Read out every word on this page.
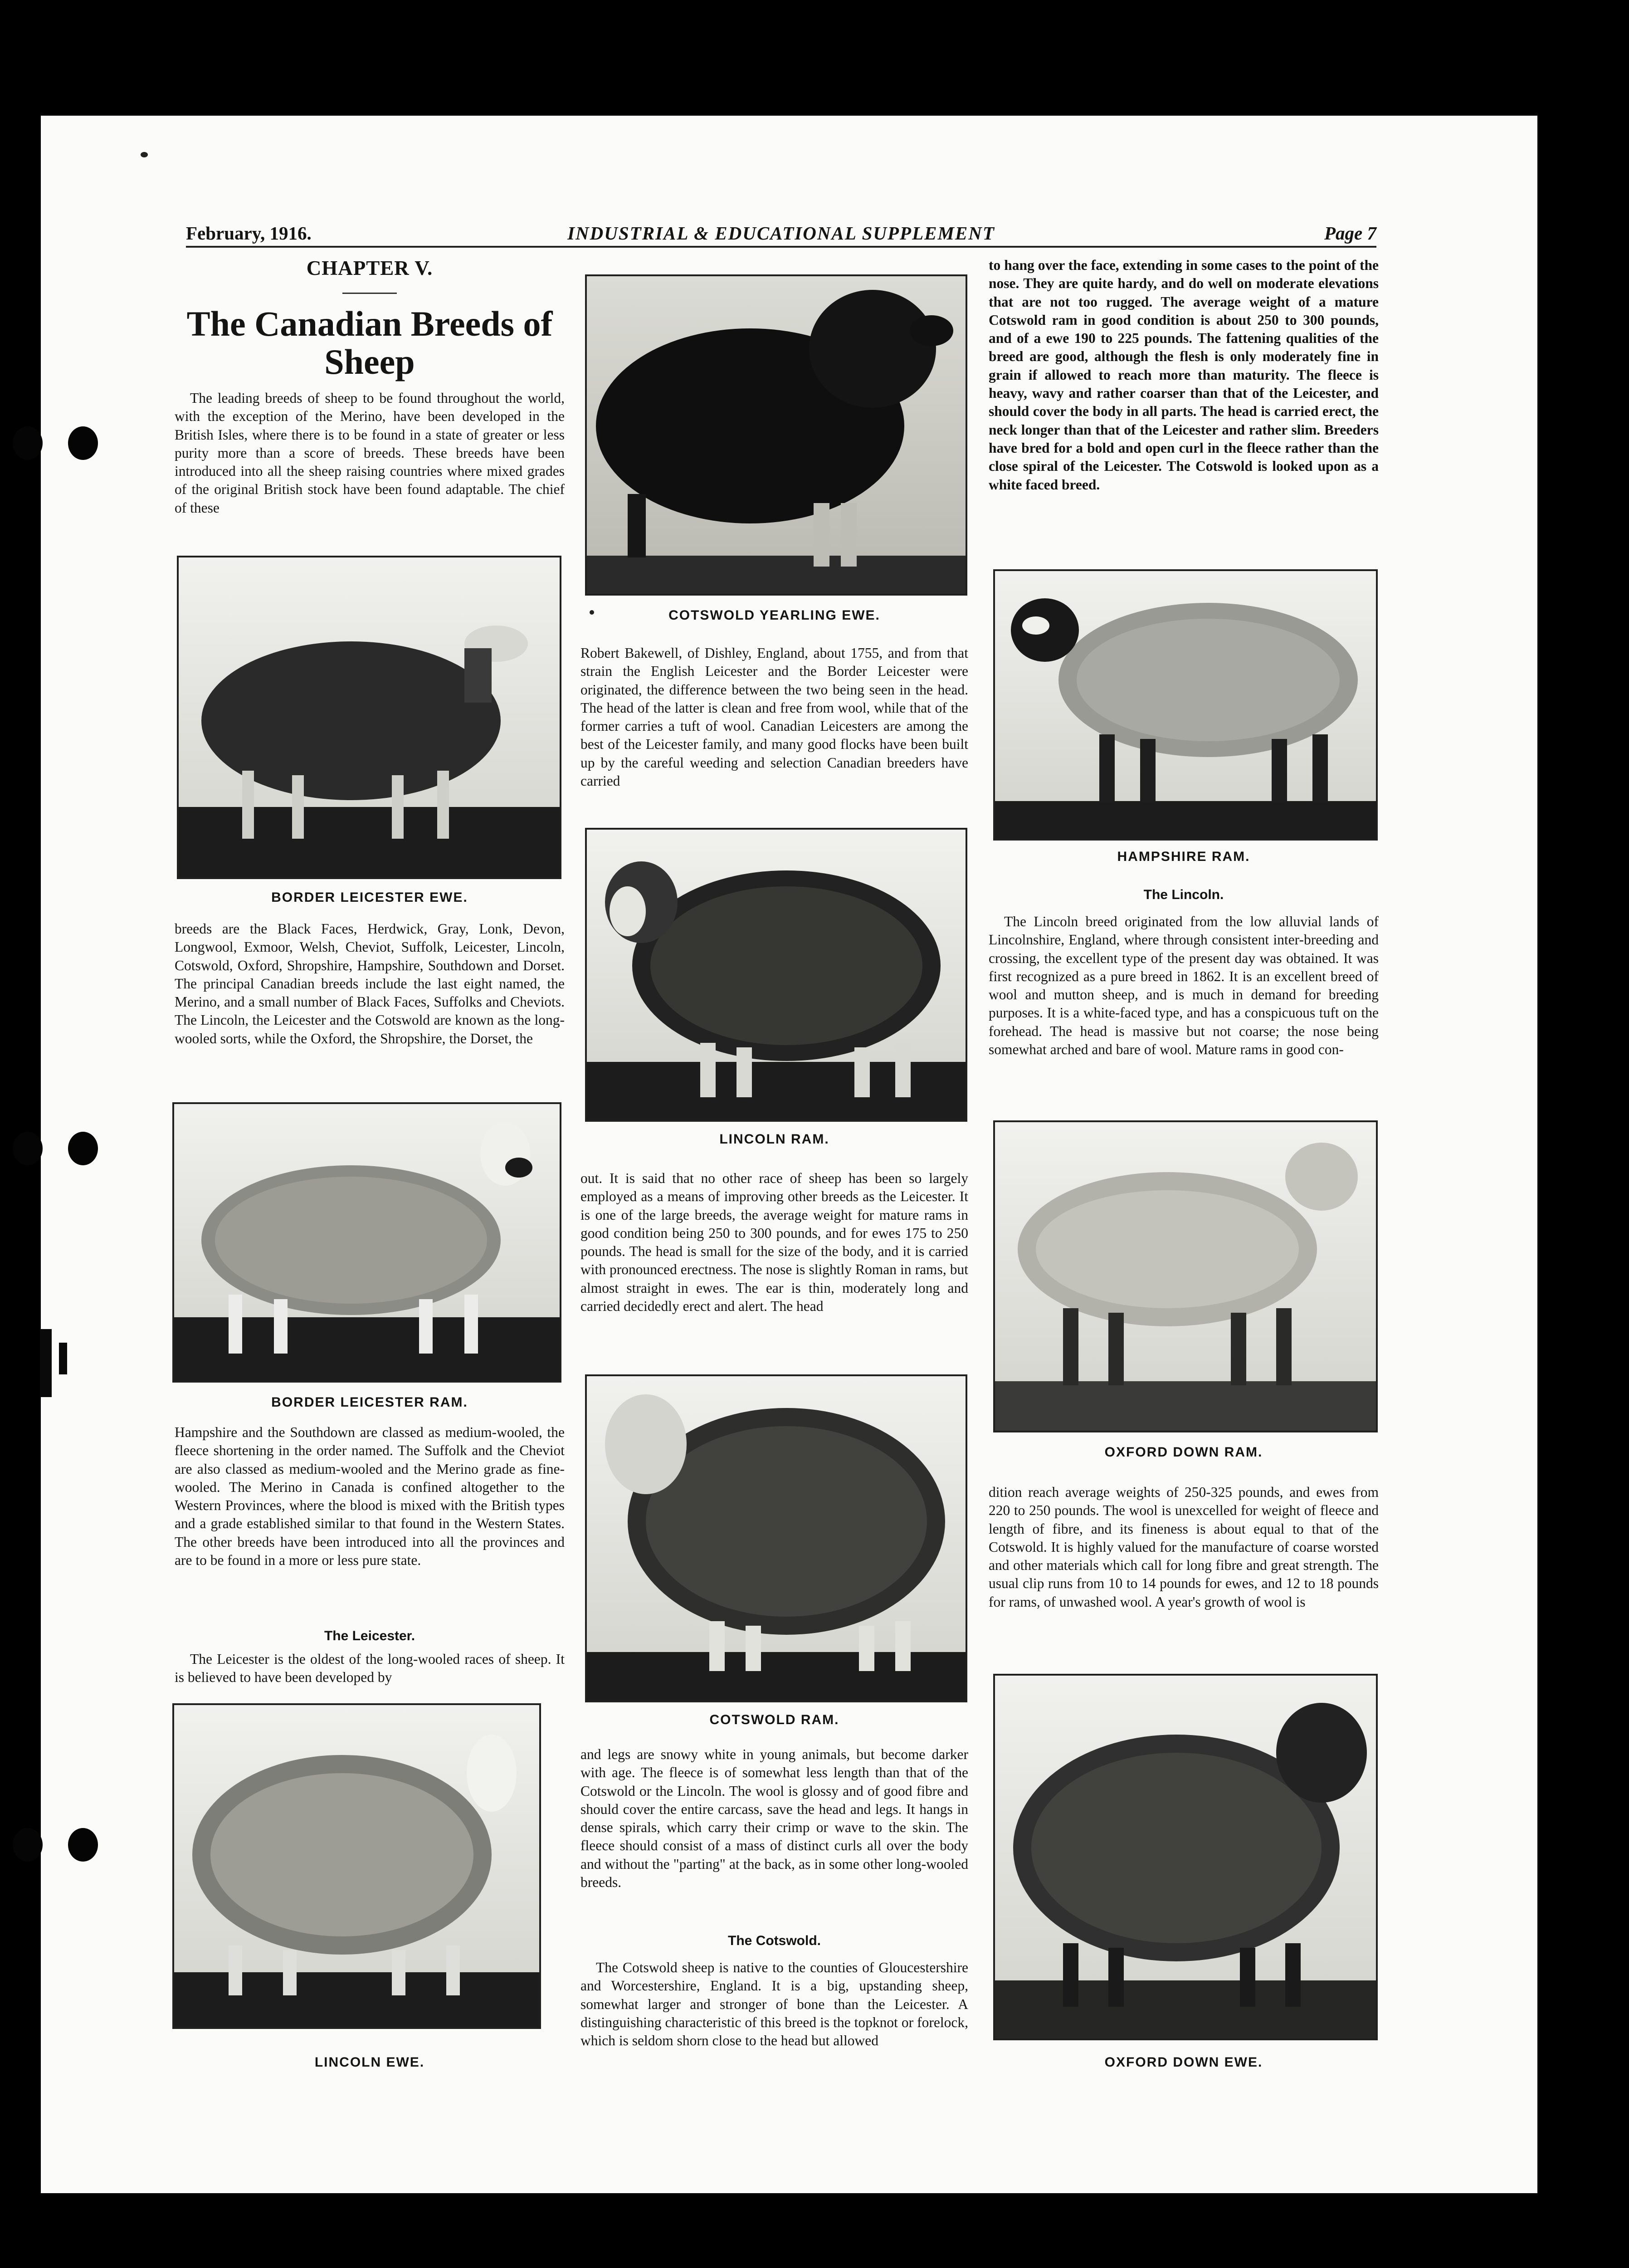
February, 1916.	INDUSTRIAL & EDUCATIONAL SUPPLEMENT	Page 7
CHAPTER V.
The Canadian Breeds of Sheep

The leading breeds of sheep to be found throughout the world, with the exception of the Merino, have been developed in the British Isles, where there is to be found in a state of greater or less purity more than a score of breeds. These breeds have been introduced into all the sheep raising countries where mixed grades of the original British stock have been found adaptable. The chief of these

BORDER LEICESTER EWE.

breeds are the Black Faces, Herdwick, Gray, Lonk, Devon, Longwool, Exmoor, Welsh, Cheviot, Suffolk, Leicester, Lincoln, Cotswold, Oxford, Shropshire, Hampshire, Southdown and Dorset. The principal Canadian breeds include the last eight named, the Merino, and a small number of Black Faces, Suffolks and Cheviots. The Lincoln, the Leicester and the Cotswold are known as the long-wooled sorts, while the Oxford, the Shropshire, the Dorset, the

BORDER LEICESTER RAM.

Hampshire and the Southdown are classed as medium-wooled, the fleece shortening in the order named. The Suffolk and the Cheviot are also classed as medium-wooled and the Merino grade as fine-wooled. The Merino in Canada is confined altogether to the Western Provinces, where the blood is mixed with the British types and a grade established similar to that found in the Western States. The other breeds have been introduced into all the provinces and are to be found in a more or less pure state.

The Leicester.

The Leicester is the oldest of the long-wooled races of sheep. It is believed to have been developed by

LINCOLN EWE.
COTSWOLD YEARLING EWE.

Robert Bakewell, of Dishley, England, about 1755, and from that strain the English Leicester and the Border Leicester were originated, the difference between the two being seen in the head. The head of the latter is clean and free from wool, while that of the former carries a tuft of wool. Canadian Leicesters are among the best of the Leicester family, and many good flocks have been built up by the careful weeding and selection Canadian breeders have carried

LINCOLN RAM.

out. It is said that no other race of sheep has been so largely employed as a means of improving other breeds as the Leicester. It is one of the large breeds, the average weight for mature rams in good condition being 250 to 300 pounds, and for ewes 175 to 250 pounds. The head is small for the size of the body, and it is carried with pronounced erectness. The nose is slightly Roman in rams, but almost straight in ewes. The ear is thin, moderately long and carried decidedly erect and alert. The head

COTSWOLD RAM.

and legs are snowy white in young animals, but become darker with age. The fleece is of somewhat less length than that of the Cotswold or the Lincoln. The wool is glossy and of good fibre and should cover the entire carcass, save the head and legs. It hangs in dense spirals, which carry their crimp or wave to the skin. The fleece should consist of a mass of distinct curls all over the body and without the "parting" at the back, as in some other long-wooled breeds.

The Cotswold.

The Cotswold sheep is native to the counties of Gloucestershire and Worcestershire, England. It is a big, upstanding sheep, somewhat larger and stronger of bone than the Leicester. A distinguishing characteristic of this breed is the topknot or forelock, which is seldom shorn close to the head but allowed

to hang over the face, extending in some cases to the point of the nose. They are quite hardy, and do well on moderate elevations that are not too rugged. The average weight of a mature Cotswold ram in good condition is about 250 to 300 pounds, and of a ewe 190 to 225 pounds. The fattening qualities of the breed are good, although the flesh is only moderately fine in grain if allowed to reach more than maturity. The fleece is heavy, wavy and rather coarser than that of the Leicester, and should cover the body in all parts. The head is carried erect, the neck longer than that of the Leicester and rather slim. Breeders have bred for a bold and open curl in the fleece rather than the close spiral of the Leicester. The Cotswold is looked upon as a white faced breed.

HAMPSHIRE RAM.
The Lincoln.

The Lincoln breed originated from the low alluvial lands of Lincolnshire, England, where through consistent inter-breeding and crossing, the excellent type of the present day was obtained. It was first recognized as a pure breed in 1862. It is an excellent breed of wool and mutton sheep, and is much in demand for breeding purposes. It is a white-faced type, and has a conspicuous tuft on the forehead. The head is massive but not coarse; the nose being somewhat arched and bare of wool. Mature rams in good con-

OXFORD DOWN RAM.

dition reach average weights of 250-325 pounds, and ewes from 220 to 250 pounds. The wool is unexcelled for weight of fleece and length of fibre, and its fineness is about equal to that of the Cotswold. It is highly valued for the manufacture of coarse worsted and other materials which call for long fibre and great strength. The usual clip runs from 10 to 14 pounds for ewes, and 12 to 18 pounds for rams, of unwashed wool. A year's growth of wool is

OXFORD DOWN EWE.
